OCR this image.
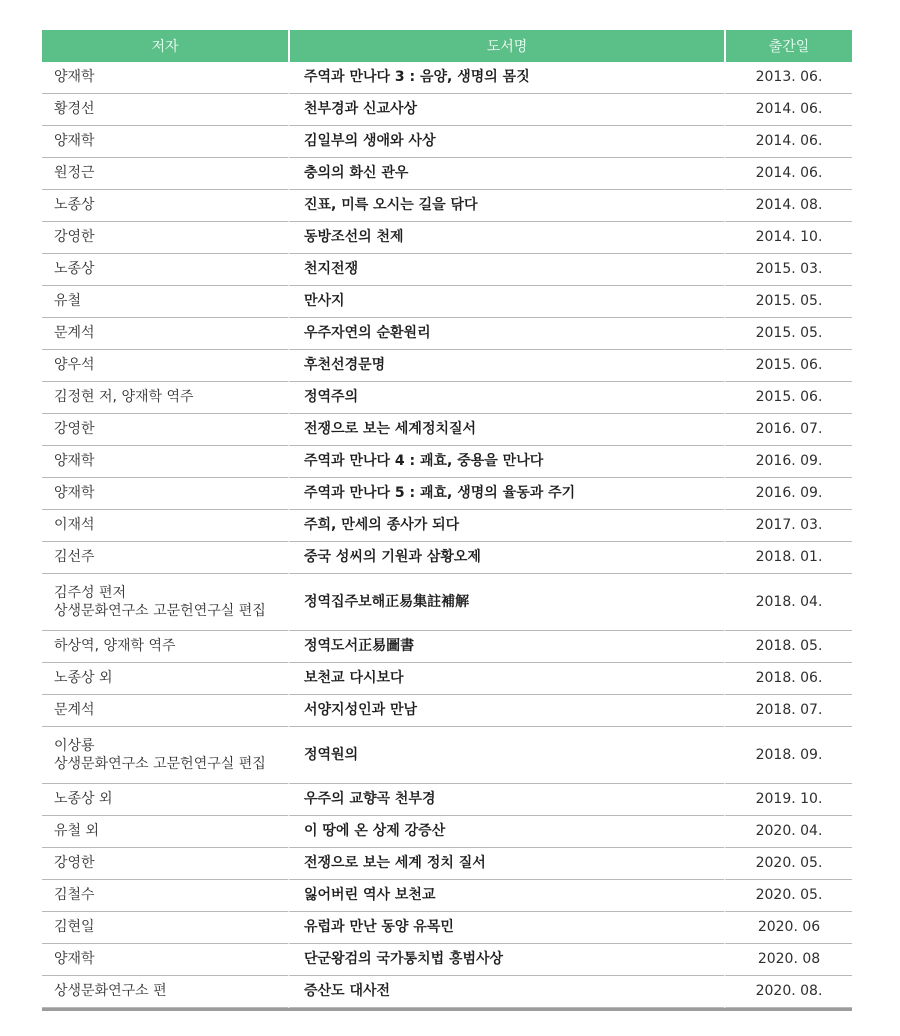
저자	도서명	출간일

양재학	주역과 만나다 3 : 음양, 생명의 몸짓	2013. 06.

황경선	천부경과 신교사상	2014. 06.

양재학	김일부의 생애와 사상	2014. 06.

원정근	충의의 화신 관우	2014. 06.

노종상	진표, 미륵 오시는 길을 닦다	2014. 08.

강영한	동방조선의 천제	2014. 10.

노종상	천지전쟁	2015. 03.

유철	만사지	2015. 05.

문계석	우주자연의 순환원리	2015. 05.

양우석	후천선경문명	2015. 06.

김정현 저, 양재학 역주	정역주의	2015. 06.

강영한	전쟁으로 보는 세계정치질서	2016. 07.

양재학	주역과 만나다 4 : 괘효, 중용을 만나다	2016. 09.

양재학	주역과 만나다 5 : 괘효, 생명의 율동과 주기	2016. 09.

이재석	주희, 만세의 종사가 되다	2017. 03.

김선주	중국 성씨의 기원과 삼황오제	2018. 01.

김주성 편저
상생문화연구소 고문헌연구실 편집	정역집주보해正易集註補解	2018. 04.

하상역, 양재학 역주	정역도서正易圖書	2018. 05.

노종상 외	보천교 다시보다	2018. 06.

문계석	서양지성인과 만남	2018. 07.

이상룡
상생문화연구소 고문헌연구실 편집	정역원의	2018. 09.

노종상 외	우주의 교향곡 천부경	2019. 10.

유철 외	이 땅에 온 상제 강증산	2020. 04.

강영한	전쟁으로 보는 세계 정치 질서	2020. 05.

김철수	잃어버린 역사 보천교	2020. 05.

김현일	유럽과 만난 동양 유목민	2020. 06

양재학	단군왕검의 국가통치법 홍범사상	2020. 08

상생문화연구소 편	증산도 대사전	2020. 08.
